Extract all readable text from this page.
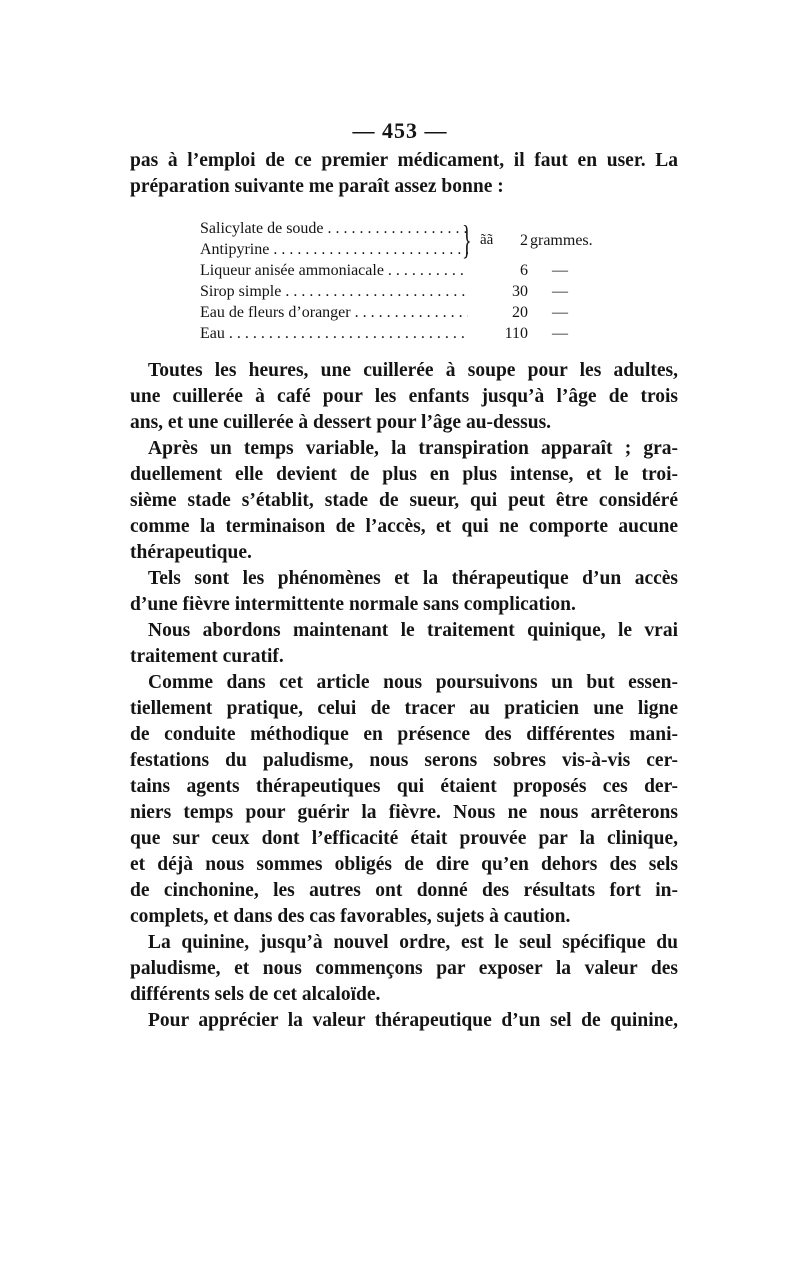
— 453 —

pas à l’emploi de ce premier médicament, il faut en user. La
préparation suivante me paraît assez bonne :

Salicylate de soude . . .
Antipyrine . . .	} ãã	2 grammes.
Liqueur anisée ammoniacale . . .	6 —
Sirop simple . . .	30 —
Eau de fleurs d’oranger . . .	20 —
Eau . . .	110 —

Toutes les heures, une cuillerée à soupe pour les adultes,
une cuillerée à café pour les enfants jusqu’à l’âge de trois
ans, et une cuillerée à dessert pour l’âge au-dessus.

Après un temps variable, la transpiration apparaît ; gra-
duellement elle devient de plus en plus intense, et le troi-
sième stade s’établit, stade de sueur, qui peut être considéré
comme la terminaison de l’accès, et qui ne comporte aucune
thérapeutique.

Tels sont les phénomènes et la thérapeutique d’un accès
d’une fièvre intermittente normale sans complication.

Nous abordons maintenant le traitement quinique, le vrai
traitement curatif.

Comme dans cet article nous poursuivons un but essen-
tiellement pratique, celui de tracer au praticien une ligne
de conduite méthodique en présence des différentes mani-
festations du paludisme, nous serons sobres vis-à-vis cer-
tains agents thérapeutiques qui étaient proposés ces der-
niers temps pour guérir la fièvre. Nous ne nous arrêterons
que sur ceux dont l’efficacité était prouvée par la clinique,
et déjà nous sommes obligés de dire qu’en dehors des sels
de cinchonine, les autres ont donné des résultats fort in-
complets, et dans des cas favorables, sujets à caution.

La quinine, jusqu’à nouvel ordre, est le seul spécifique du
paludisme, et nous commençons par exposer la valeur des
différents sels de cet alcaloïde.

Pour apprécier la valeur thérapeutique d’un sel de quinine,
